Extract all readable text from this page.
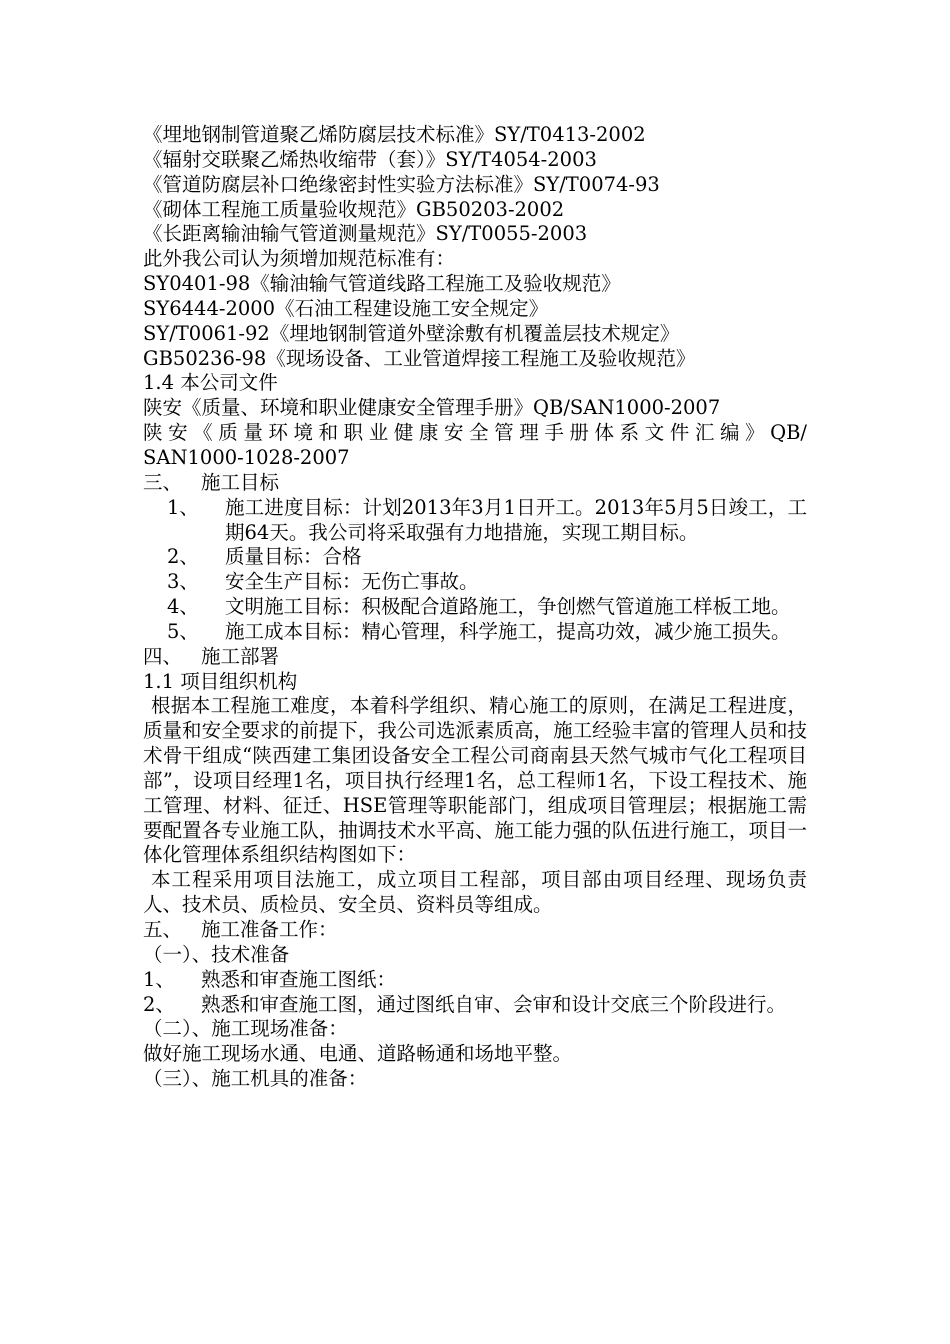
《埋地钢制管道聚乙烯防腐层技术标准》SY/T0413-2002
《辐射交联聚乙烯热收缩带（套）》SY/T4054-2003
《管道防腐层补口绝缘密封性实验方法标准》SY/T0074-93
《砌体工程施工质量验收规范》GB50203-2002
《长距离输油输气管道测量规范》SY/T0055-2003
此外我公司认为须增加规范标准有：
SY0401-98《输油输气管道线路工程施工及验收规范》
SY6444-2000《石油工程建设施工安全规定》
SY/T0061-92《埋地钢制管道外壁涂敷有机覆盖层技术规定》
GB50236-98《现场设备、工业管道焊接工程施工及验收规范》
1.4 本公司文件
陕安《质量、环境和职业健康安全管理手册》QB/SAN1000-2007
陕安《质量环境和职业健康安全管理手册体系文件汇编》QB/
SAN1000-1028-2007
三、 施工目标
1、	施工进度目标：计划2013年3月1日开工。2013年5月5日竣工，工期64天。我公司将采取强有力地措施，实现工期目标。
2、	质量目标：合格
3、	安全生产目标：无伤亡事故。
4、	文明施工目标：积极配合道路施工，争创燃气管道施工样板工地。
5、	施工成本目标：精心管理，科学施工，提高功效，减少施工损失。
四、 施工部署
1.1 项目组织机构
根据本工程施工难度，本着科学组织、精心施工的原则，在满足工程进度，质量和安全要求的前提下，我公司选派素质高，施工经验丰富的管理人员和技术骨干组成“陕西建工集团设备安全工程公司商南县天然气城市气化工程项目部”，设项目经理1名，项目执行经理1名，总工程师1名，下设工程技术、施工管理、材料、征迁、HSE管理等职能部门，组成项目管理层；根据施工需要配置各专业施工队，抽调技术水平高、施工能力强的队伍进行施工，项目一体化管理体系组织结构图如下：
本工程采用项目法施工，成立项目工程部，项目部由项目经理、现场负责人、技术员、质检员、安全员、资料员等组成。
五、 施工准备工作：
（一）、技术准备
1、	熟悉和审查施工图纸：
2、	熟悉和审查施工图，通过图纸自审、会审和设计交底三个阶段进行。
（二）、施工现场准备：
做好施工现场水通、电通、道路畅通和场地平整。
（三）、施工机具的准备：
